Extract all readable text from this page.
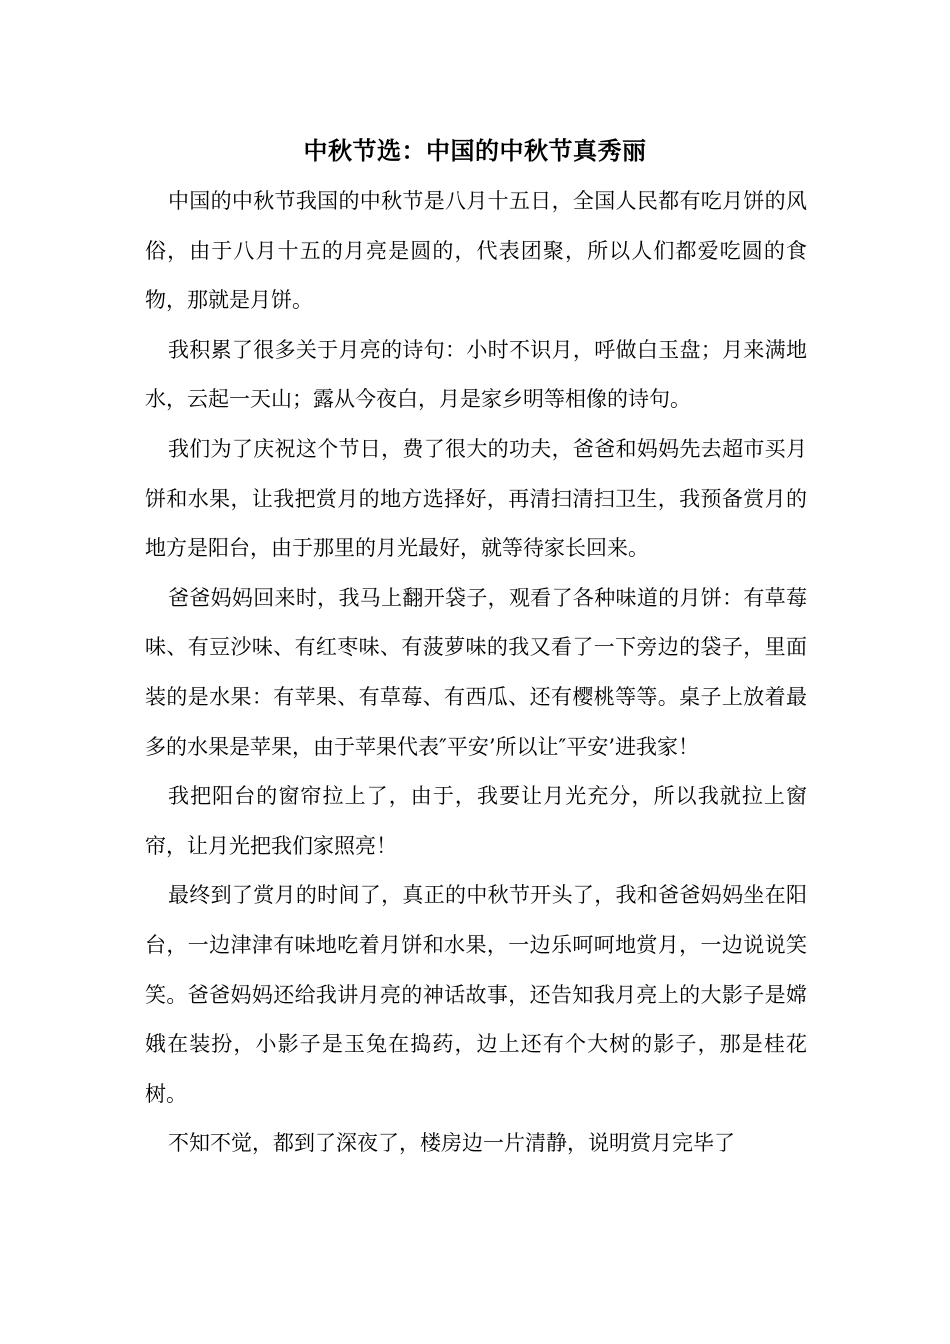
中秋节选：中国的中秋节真秀丽

中国的中秋节我国的中秋节是八月十五日，全国人民都有吃月饼的风俗，由于八月十五的月亮是圆的，代表团聚，所以人们都爱吃圆的食物，那就是月饼。

我积累了很多关于月亮的诗句：小时不识月，呼做白玉盘；月来满地水，云起一天山；露从今夜白，月是家乡明等相像的诗句。

我们为了庆祝这个节日，费了很大的功夫，爸爸和妈妈先去超市买月饼和水果，让我把赏月的地方选择好，再清扫清扫卫生，我预备赏月的地方是阳台，由于那里的月光最好，就等待家长回来。

爸爸妈妈回来时，我马上翻开袋子，观看了各种味道的月饼：有草莓味、有豆沙味、有红枣味、有菠萝味的我又看了一下旁边的袋子，里面装的是水果：有苹果、有草莓、有西瓜、还有樱桃等等。桌子上放着最多的水果是苹果，由于苹果代表″平安’所以让″平安’进我家！

我把阳台的窗帘拉上了，由于，我要让月光充分，所以我就拉上窗帘，让月光把我们家照亮！

最终到了赏月的时间了，真正的中秋节开头了，我和爸爸妈妈坐在阳台，一边津津有味地吃着月饼和水果，一边乐呵呵地赏月，一边说说笑笑。爸爸妈妈还给我讲月亮的神话故事，还告知我月亮上的大影子是嫦娥在装扮，小影子是玉兔在捣药，边上还有个大树的影子，那是桂花树。

不知不觉，都到了深夜了，楼房边一片清静，说明赏月完毕了
